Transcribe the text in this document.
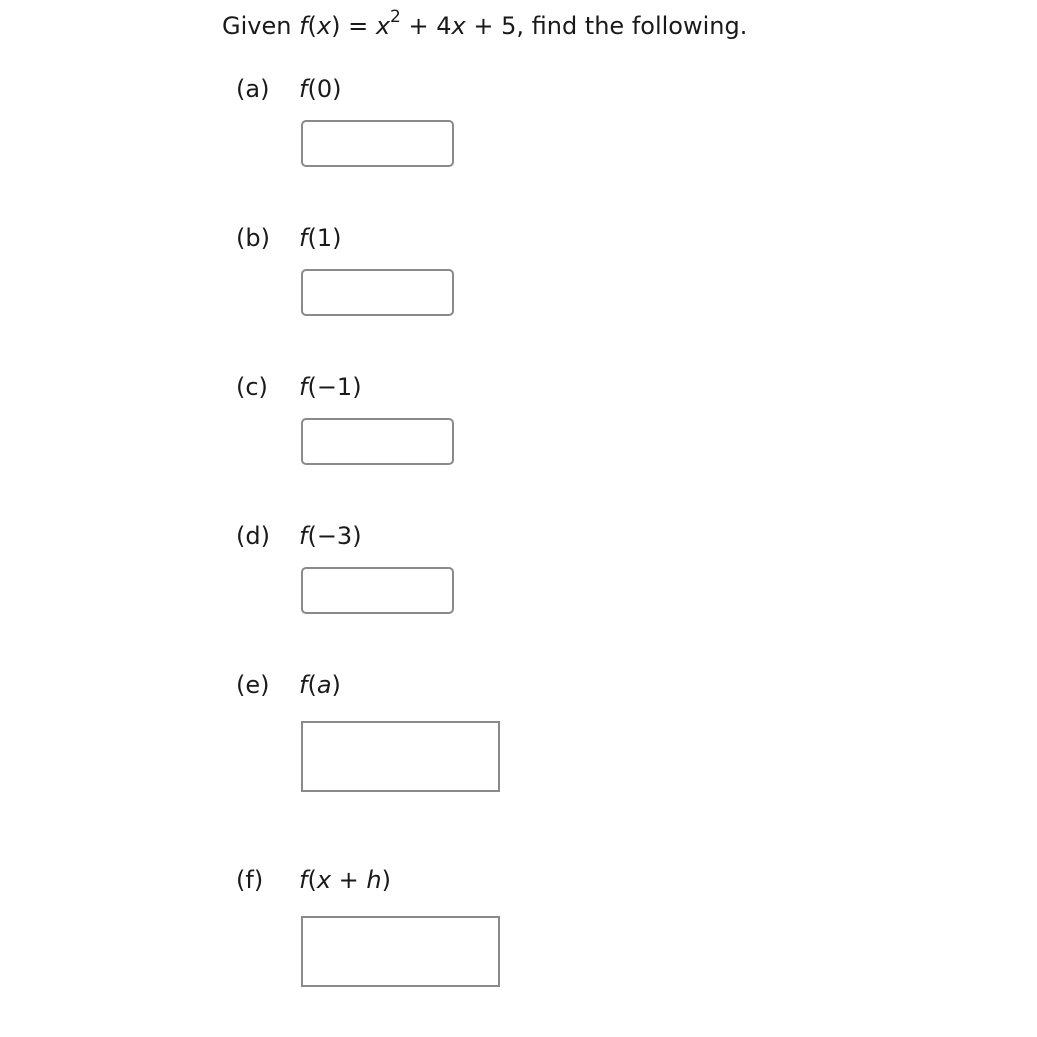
Given $f(x) = x^2 + 4x + 5$, find the following.
(a) f(0)
(b) f(1)
(c) f(−1)
(d) f(−3)
(e) f(a)
(f) f(x + h)
